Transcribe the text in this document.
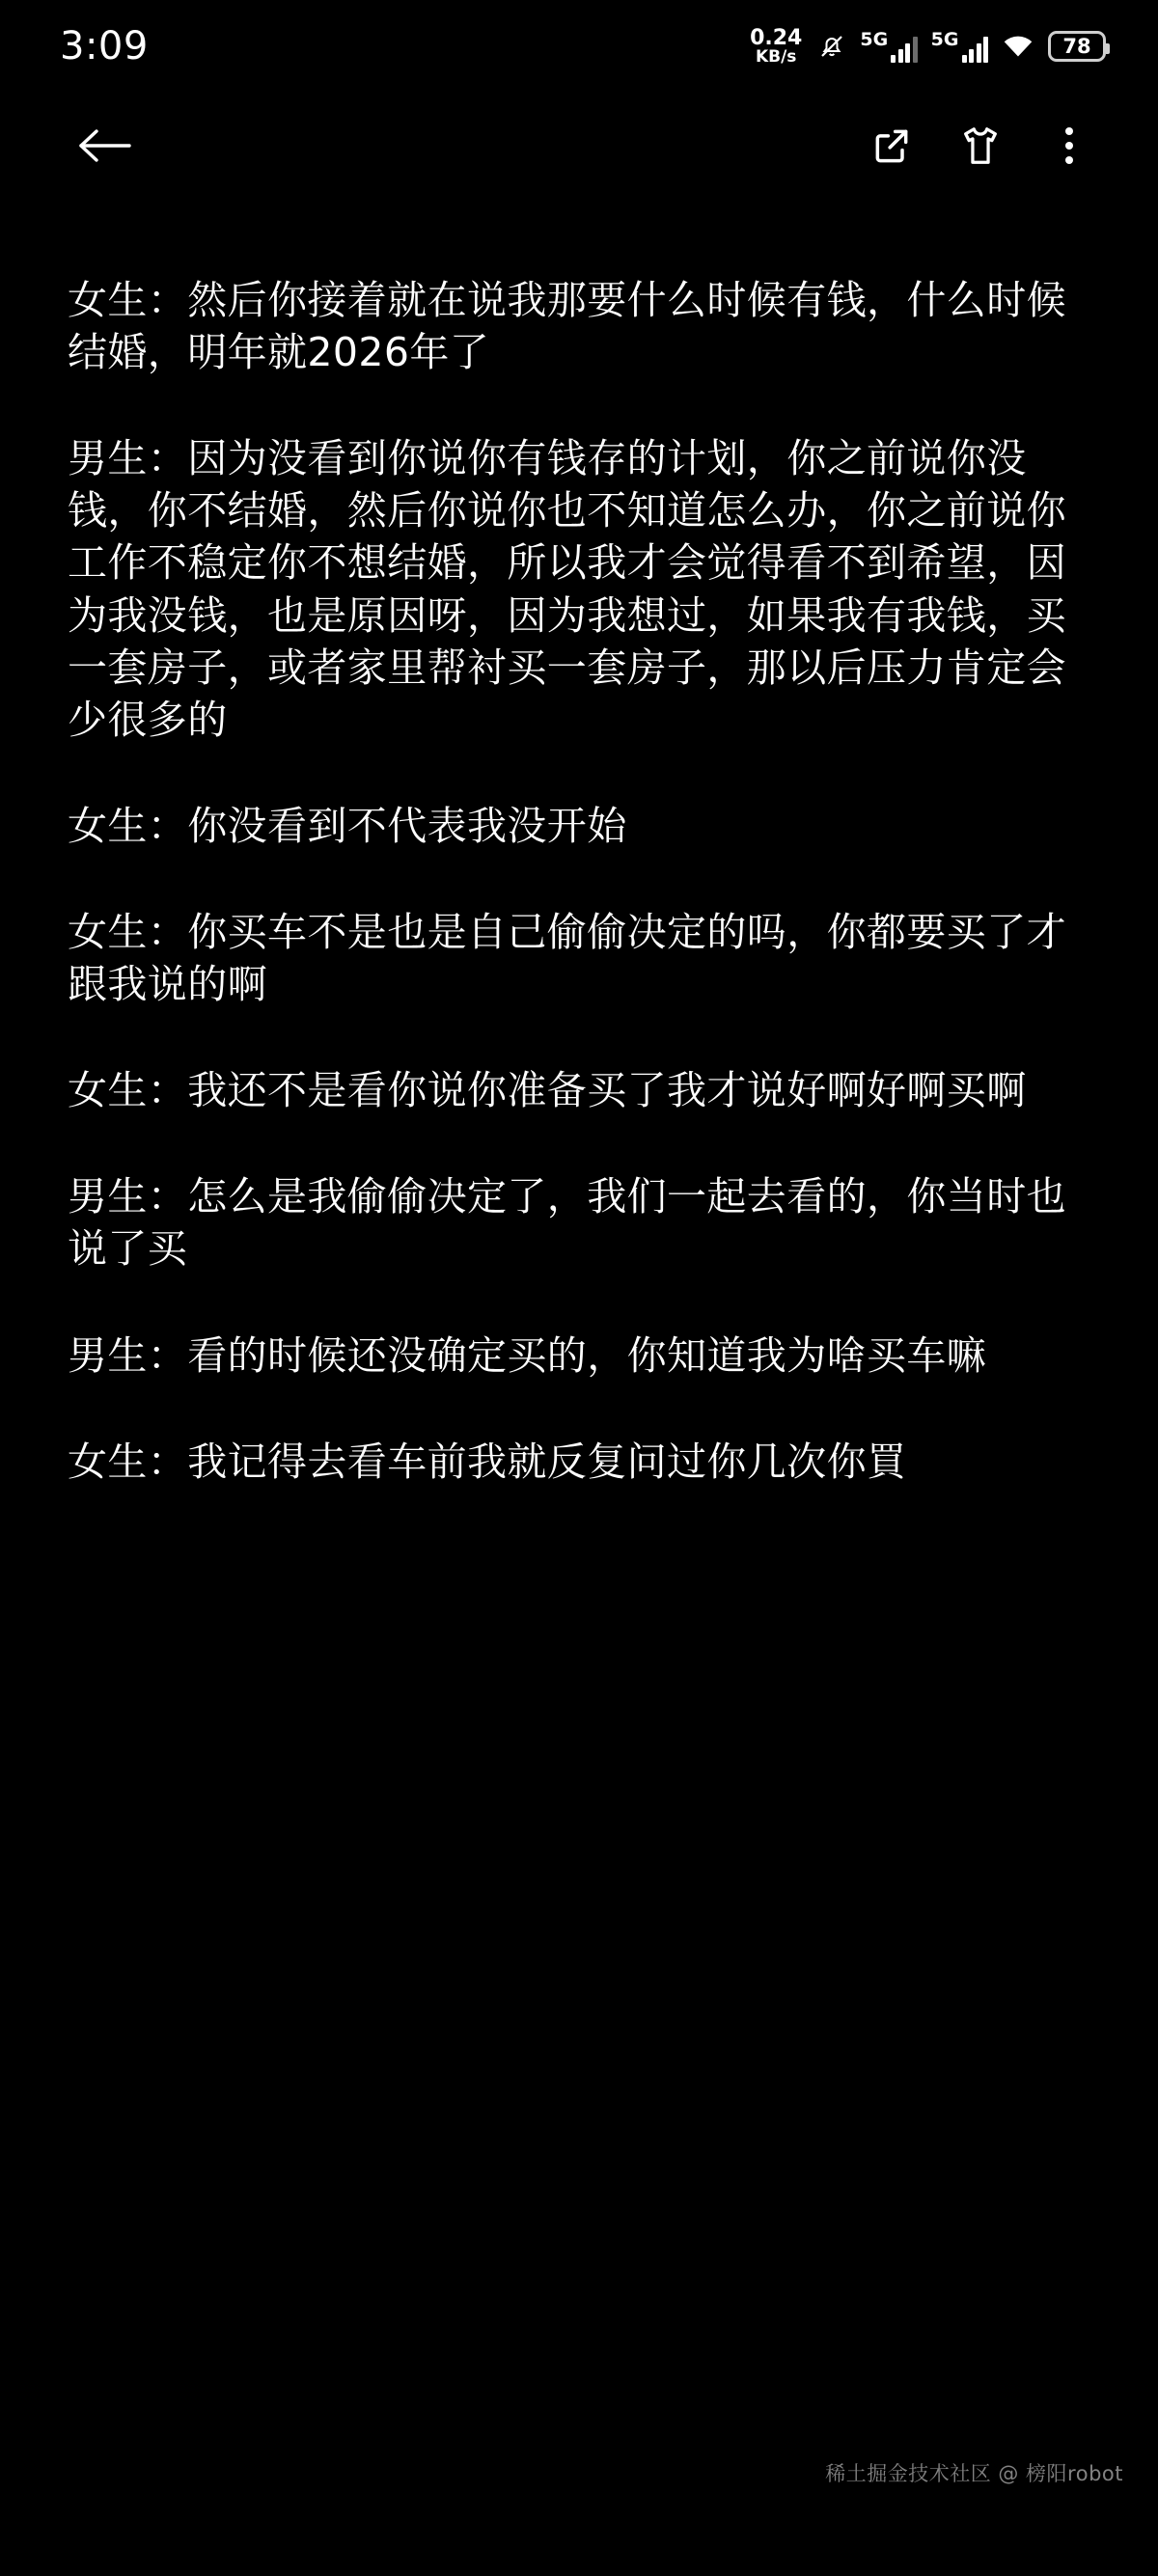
3:09	0.24
KB/s
5G 5G	78

女生：然后你接着就在说我那要什么时候有钱，什么时候结婚，明年就2026年了

男生：因为没看到你说你有钱存的计划，你之前说你没钱，你不结婚，然后你说你也不知道怎么办，你之前说你工作不稳定你不想结婚，所以我才会觉得看不到希望，因为我没钱，也是原因呀，因为我想过，如果我有我钱，买一套房子，或者家里帮衬买一套房子，那以后压力肯定会少很多的

女生：你没看到不代表我没开始

女生：你买车不是也是自己偷偷决定的吗，你都要买了才跟我说的啊

女生：我还不是看你说你准备买了我才说好啊好啊买啊

男生：怎么是我偷偷决定了，我们一起去看的，你当时也说了买

男生：看的时候还没确定买的，你知道我为啥买车嘛

女生：我记得去看车前我就反复问过你几次你買

稀土掘金技术社区 @ 榜阳robot
